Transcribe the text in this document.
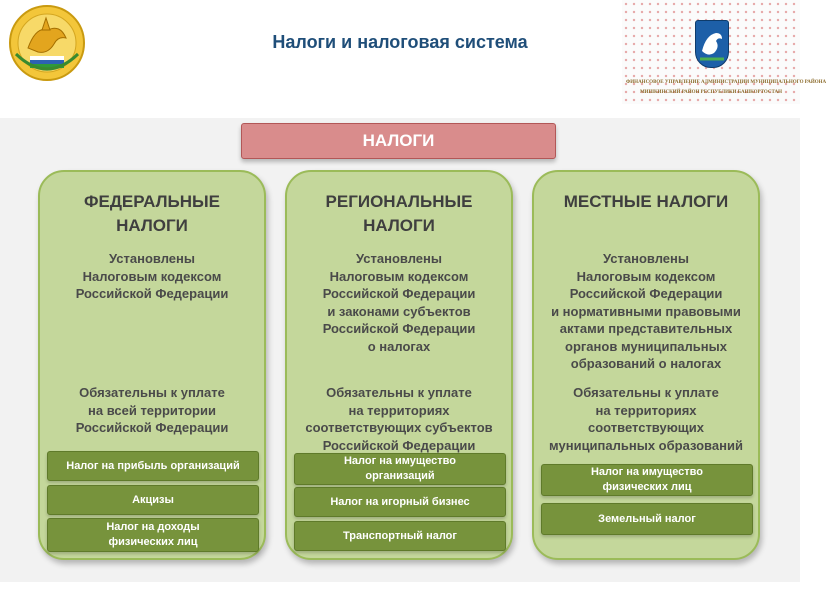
Налоги и налоговая система
ФИНАНСОВОЕ УПРАВЛЕНИЕ АДМИНИСТРАЦИИ МУНИЦИПАЛЬНОГО РАЙОНА
МИШКИНСКИЙ РАЙОН РЕСПУБЛИКИ БАШКОРТОСТАН
НАЛОГИ
ФЕДЕРАЛЬНЫЕ
НАЛОГИ
Установлены
Налоговым кодексом
Российской Федерации
Обязательны к уплате
на всей территории
Российской Федерации
Налог на прибыль организаций
Акцизы
Налог на доходы
физических лиц
РЕГИОНАЛЬНЫЕ
НАЛОГИ
Установлены
Налоговым кодексом
Российской Федерации
и законами субъектов
Российской Федерации
о налогах
Обязательны к уплате
на территориях
соответствующих субъектов
Российской Федерации
Налог на имущество
организаций
Налог на игорный бизнес
Транспортный налог
МЕСТНЫЕ НАЛОГИ
Установлены
Налоговым кодексом
Российской Федерации
и нормативными правовыми
актами представительных
органов муниципальных
образований о налогах
Обязательны к уплате
на территориях
соответствующих
муниципальных образований
Налог на имущество
физических лиц
Земельный налог
